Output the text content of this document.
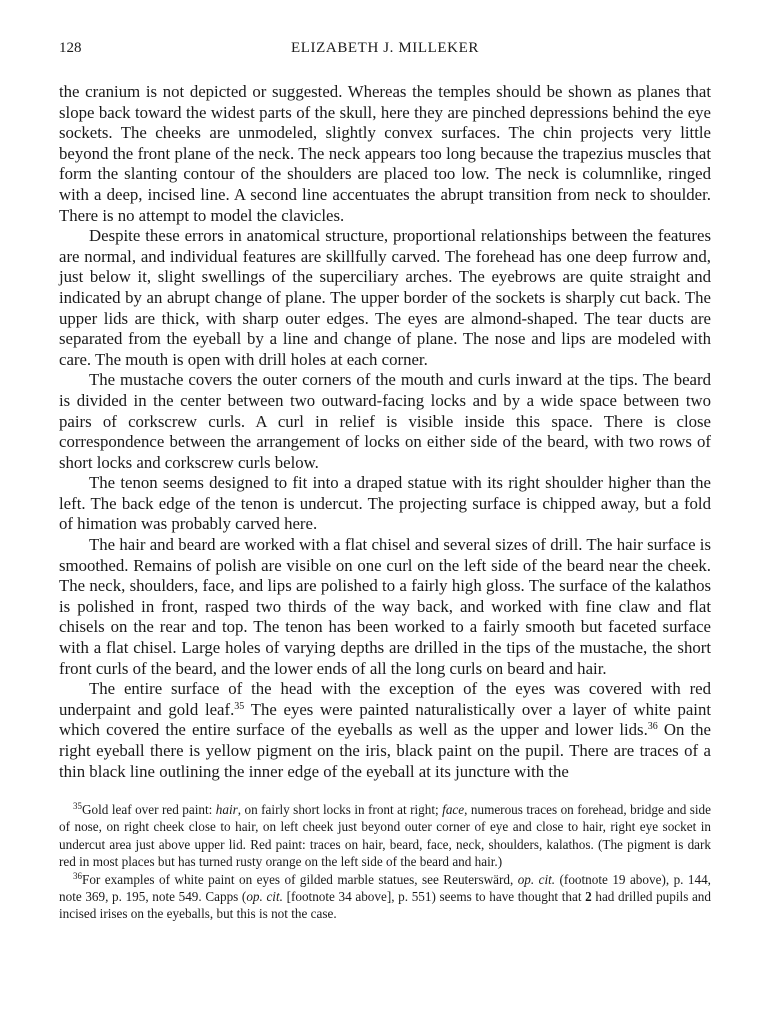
128	ELIZABETH J. MILLEKER

the cranium is not depicted or suggested. Whereas the temples should be shown as planes that slope back toward the widest parts of the skull, here they are pinched depressions behind the eye sockets. The cheeks are unmodeled, slightly convex surfaces. The chin projects very little beyond the front plane of the neck. The neck appears too long because the trapezius muscles that form the slanting contour of the shoulders are placed too low. The neck is columnlike, ringed with a deep, incised line. A second line accentuates the abrupt transition from neck to shoulder. There is no attempt to model the clavicles.

Despite these errors in anatomical structure, proportional relationships between the features are normal, and individual features are skillfully carved. The forehead has one deep furrow and, just below it, slight swellings of the superciliary arches. The eyebrows are quite straight and indicated by an abrupt change of plane. The upper border of the sockets is sharply cut back. The upper lids are thick, with sharp outer edges. The eyes are almond-shaped. The tear ducts are separated from the eyeball by a line and change of plane. The nose and lips are modeled with care. The mouth is open with drill holes at each corner.

The mustache covers the outer corners of the mouth and curls inward at the tips. The beard is divided in the center between two outward-facing locks and by a wide space between two pairs of corkscrew curls. A curl in relief is visible inside this space. There is close correspondence between the arrangement of locks on either side of the beard, with two rows of short locks and corkscrew curls below.

The tenon seems designed to fit into a draped statue with its right shoulder higher than the left. The back edge of the tenon is undercut. The projecting surface is chipped away, but a fold of himation was probably carved here.

The hair and beard are worked with a flat chisel and several sizes of drill. The hair surface is smoothed. Remains of polish are visible on one curl on the left side of the beard near the cheek. The neck, shoulders, face, and lips are polished to a fairly high gloss. The surface of the kalathos is polished in front, rasped two thirds of the way back, and worked with fine claw and flat chisels on the rear and top. The tenon has been worked to a fairly smooth but faceted surface with a flat chisel. Large holes of varying depths are drilled in the tips of the mustache, the short front curls of the beard, and the lower ends of all the long curls on beard and hair.

The entire surface of the head with the exception of the eyes was covered with red underpaint and gold leaf.$^{35}$ The eyes were painted naturalistically over a layer of white paint which covered the entire surface of the eyeballs as well as the upper and lower lids.$^{36}$ On the right eyeball there is yellow pigment on the iris, black paint on the pupil. There are traces of a thin black line outlining the inner edge of the eyeball at its juncture with the

$^{35}$Gold leaf over red paint: hair, on fairly short locks in front at right; face, numerous traces on forehead, bridge and side of nose, on right cheek close to hair, on left cheek just beyond outer corner of eye and close to hair, right eye socket in undercut area just above upper lid. Red paint: traces on hair, beard, face, neck, shoulders, kalathos. (The pigment is dark red in most places but has turned rusty orange on the left side of the beard and hair.)

$^{36}$For examples of white paint on eyes of gilded marble statues, see Reuterswärd, op. cit. (footnote 19 above), p. 144, note 369, p. 195, note 549. Capps (op. cit. [footnote 34 above], p. 551) seems to have thought that 2 had drilled pupils and incised irises on the eyeballs, but this is not the case.
